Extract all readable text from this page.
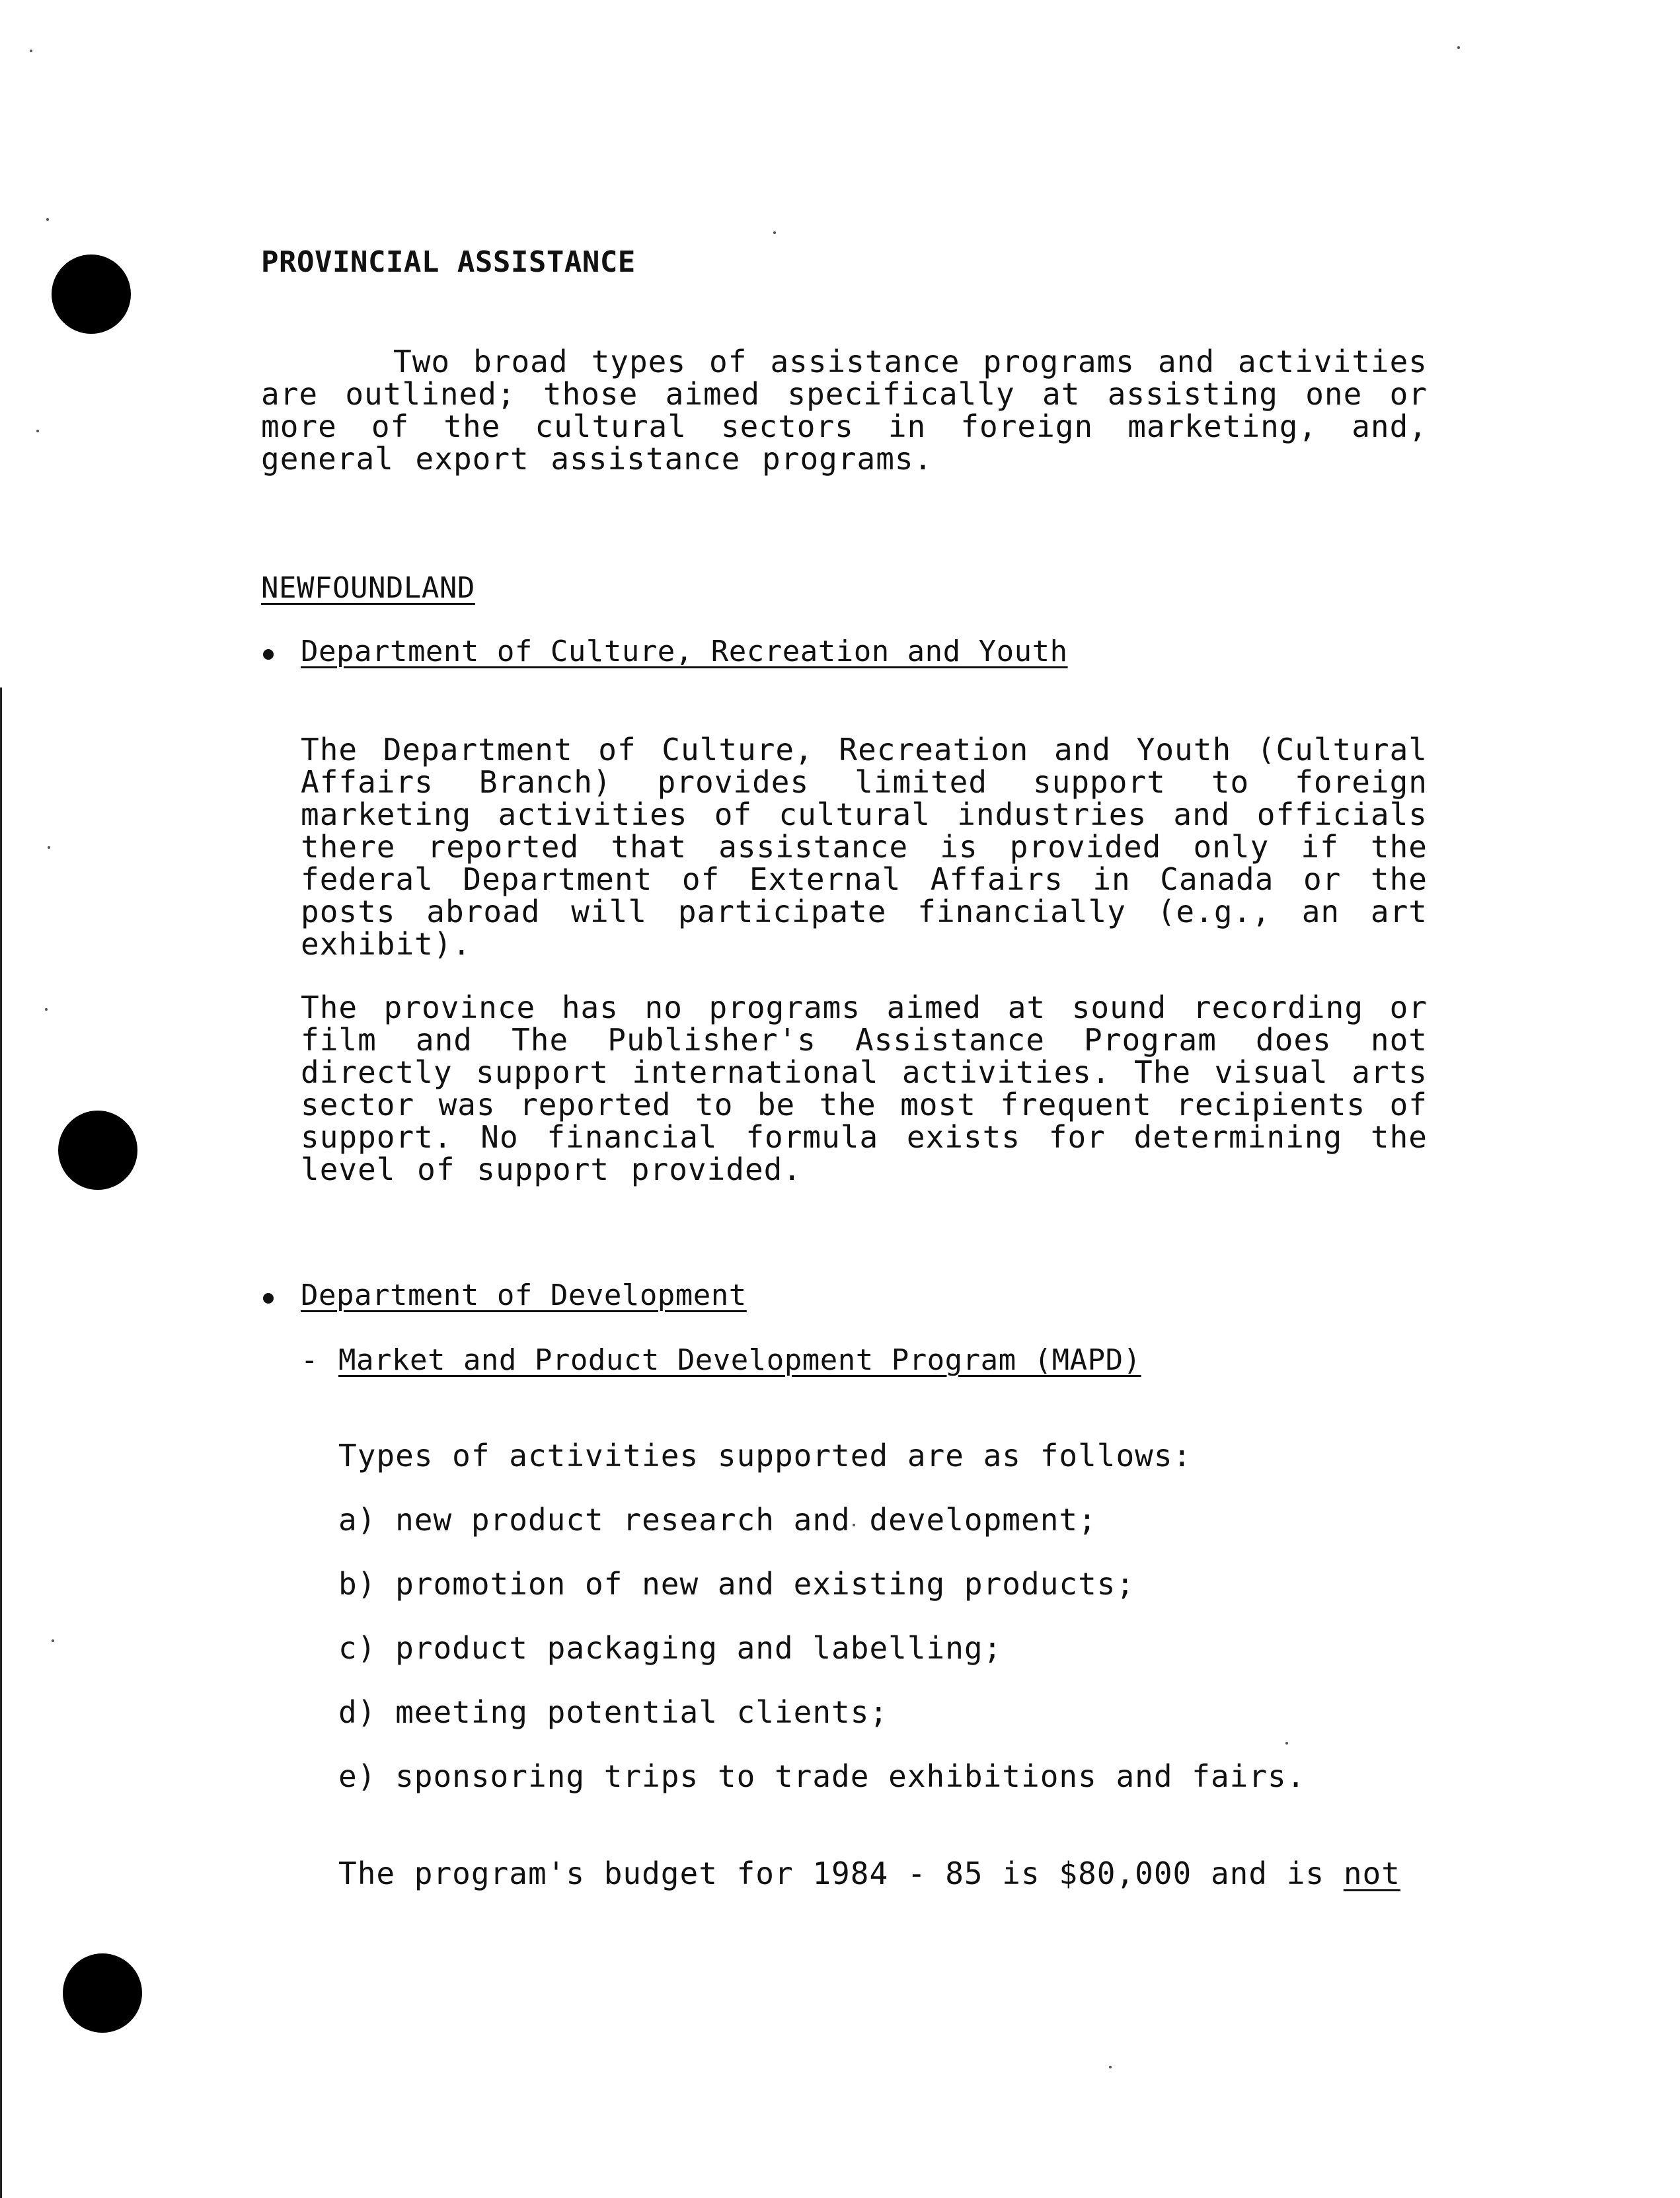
PROVINCIAL ASSISTANCE
Two broad types of assistance programs and activities are outlined; those aimed specifically at assisting one or more of the cultural sectors in foreign marketing, and, general export assistance programs.
NEWFOUNDLAND
Department of Culture, Recreation and Youth
The Department of Culture, Recreation and Youth (Cultural Affairs Branch) provides limited support to foreign marketing activities of cultural industries and officials there reported that assistance is provided only if the federal Department of External Affairs in Canada or the posts abroad will participate financially (e.g., an art exhibit).
The province has no programs aimed at sound recording or film and The Publisher's Assistance Program does not directly support international activities. The visual arts sector was reported to be the most frequent recipients of support. No financial formula exists for determining the level of support provided.
Department of Development
- Market and Product Development Program (MAPD)
Types of activities supported are as follows:
a) new product research and development;
b) promotion of new and existing products;
c) product packaging and labelling;
d) meeting potential clients;
e) sponsoring trips to trade exhibitions and fairs.
The program's budget for 1984 - 85 is $80,000 and is not
